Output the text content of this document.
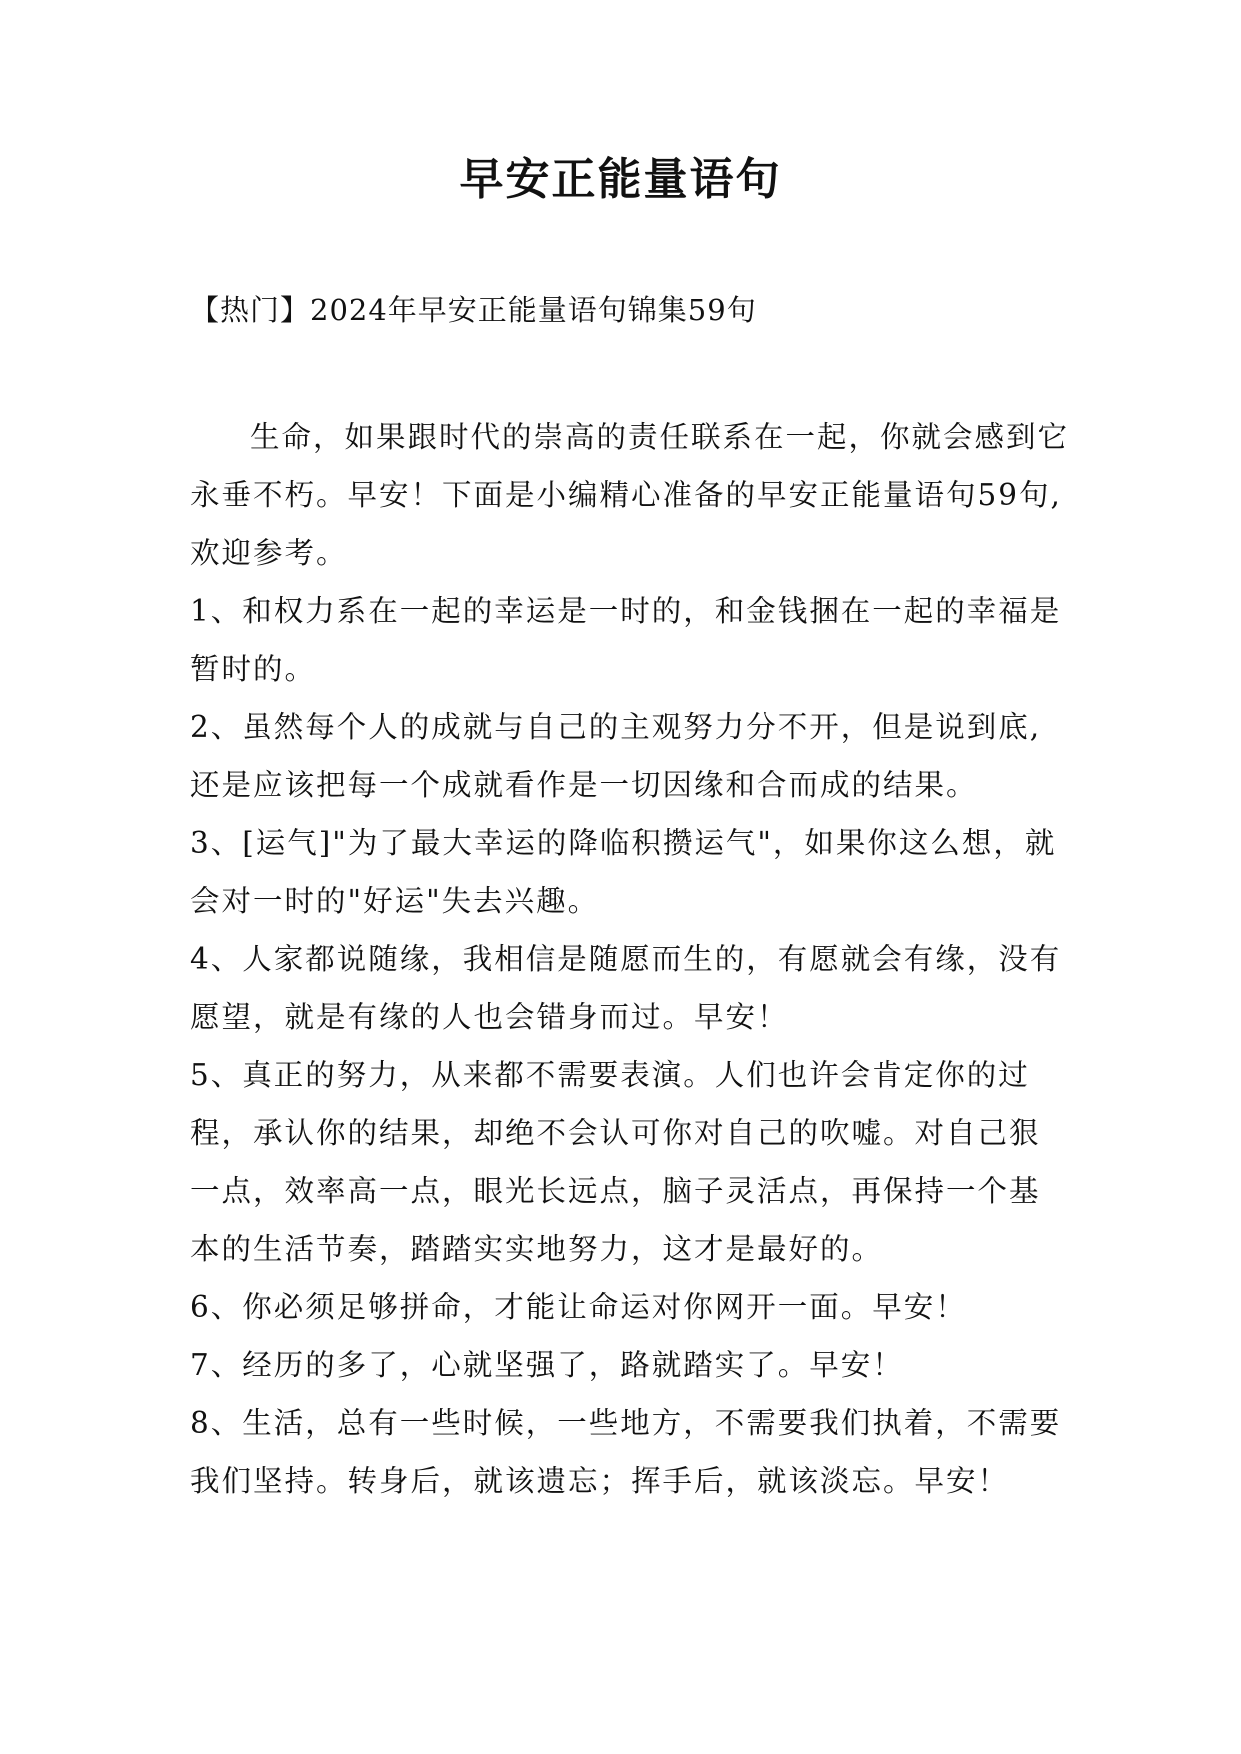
早安正能量语句
【热门】2024年早安正能量语句锦集59句

生命，如果跟时代的崇高的责任联系在一起，你就会感到它永垂不朽。早安！下面是小编精心准备的早安正能量语句59句,欢迎参考。

1、和权力系在一起的幸运是一时的，和金钱捆在一起的幸福是暂时的。

2、虽然每个人的成就与自己的主观努力分不开，但是说到底,还是应该把每一个成就看作是一切因缘和合而成的结果。

3、[运气]"为了最大幸运的降临积攒运气"，如果你这么想，就会对一时的"好运"失去兴趣。

4、人家都说随缘，我相信是随愿而生的，有愿就会有缘，没有愿望，就是有缘的人也会错身而过。早安！

5、真正的努力，从来都不需要表演。人们也许会肯定你的过程，承认你的结果，却绝不会认可你对自己的吹嘘。对自己狠一点，效率高一点，眼光长远点，脑子灵活点，再保持一个基本的生活节奏，踏踏实实地努力，这才是最好的。

6、你必须足够拼命，才能让命运对你网开一面。早安！

7、经历的多了，心就坚强了，路就踏实了。早安！

8、生活，总有一些时候，一些地方，不需要我们执着，不需要我们坚持。转身后，就该遗忘；挥手后，就该淡忘。早安！
